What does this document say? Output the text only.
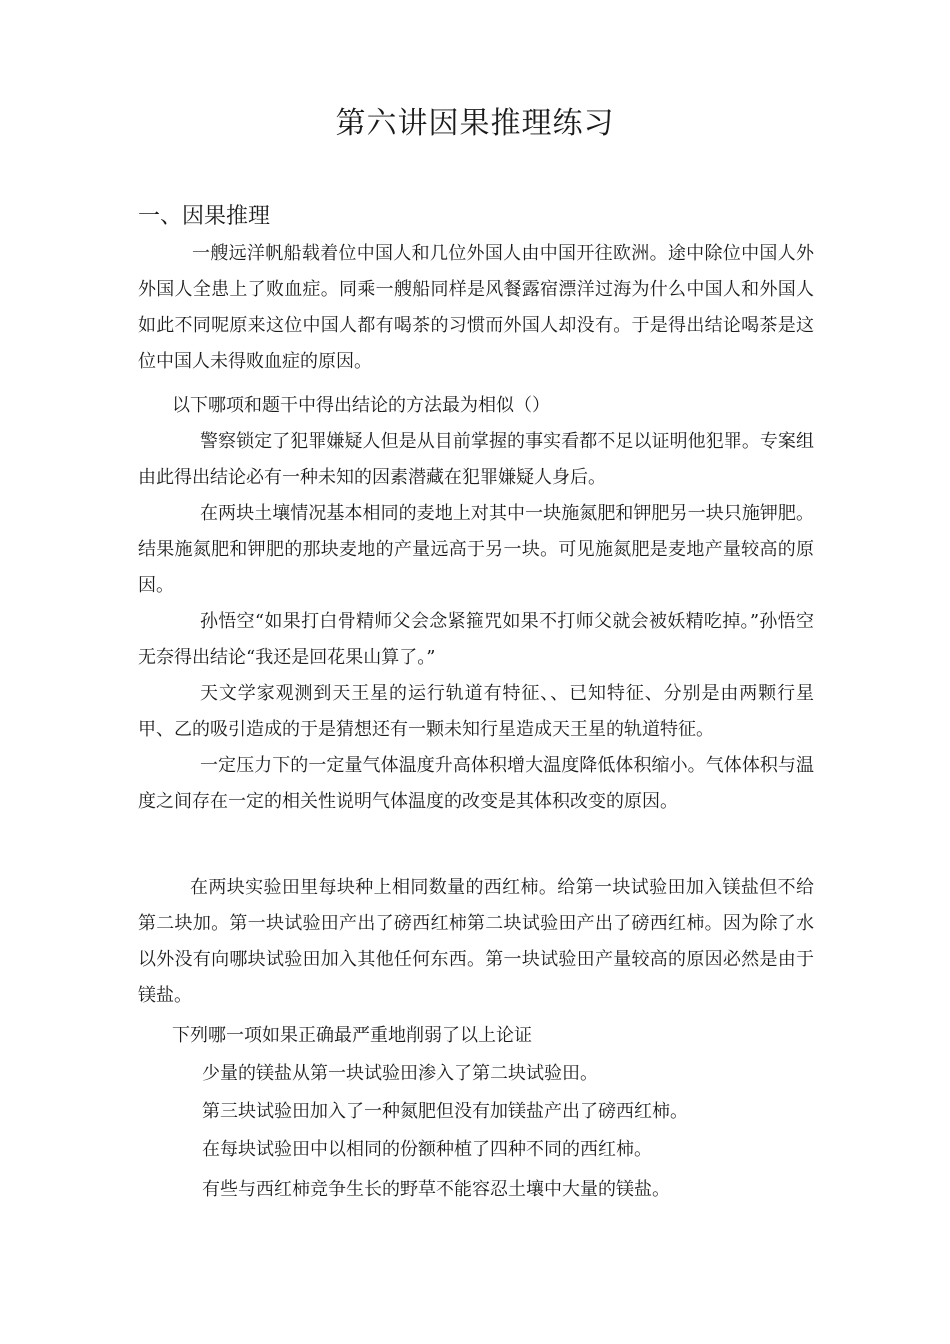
第六讲因果推理练习
一、因果推理

一艘远洋帆船载着位中国人和几位外国人由中国开往欧洲。途中除位中国人外外国人全患上了败血症。同乘一艘船同样是风餐露宿漂洋过海为什么中国人和外国人如此不同呢原来这位中国人都有喝茶的习惯而外国人却没有。于是得出结论喝茶是这位中国人未得败血症的原因。

以下哪项和题干中得出结论的方法最为相似（）

警察锁定了犯罪嫌疑人但是从目前掌握的事实看都不足以证明他犯罪。专案组由此得出结论必有一种未知的因素潜藏在犯罪嫌疑人身后。

在两块土壤情况基本相同的麦地上对其中一块施氮肥和钾肥另一块只施钾肥。结果施氮肥和钾肥的那块麦地的产量远高于另一块。可见施氮肥是麦地产量较高的原因。

孙悟空“如果打白骨精师父会念紧箍咒如果不打师父就会被妖精吃掉。”孙悟空无奈得出结论“我还是回花果山算了。”

天文学家观测到天王星的运行轨道有特征、、已知特征、分别是由两颗行星甲、乙的吸引造成的于是猜想还有一颗未知行星造成天王星的轨道特征。

一定压力下的一定量气体温度升高体积增大温度降低体积缩小。气体体积与温度之间存在一定的相关性说明气体温度的改变是其体积改变的原因。

在两块实验田里每块种上相同数量的西红柿。给第一块试验田加入镁盐但不给第二块加。第一块试验田产出了磅西红柿第二块试验田产出了磅西红柿。因为除了水以外没有向哪块试验田加入其他任何东西。第一块试验田产量较高的原因必然是由于镁盐。

下列哪一项如果正确最严重地削弱了以上论证

少量的镁盐从第一块试验田渗入了第二块试验田。
第三块试验田加入了一种氮肥但没有加镁盐产出了磅西红柿。
在每块试验田中以相同的份额种植了四种不同的西红柿。
有些与西红柿竞争生长的野草不能容忍土壤中大量的镁盐。
